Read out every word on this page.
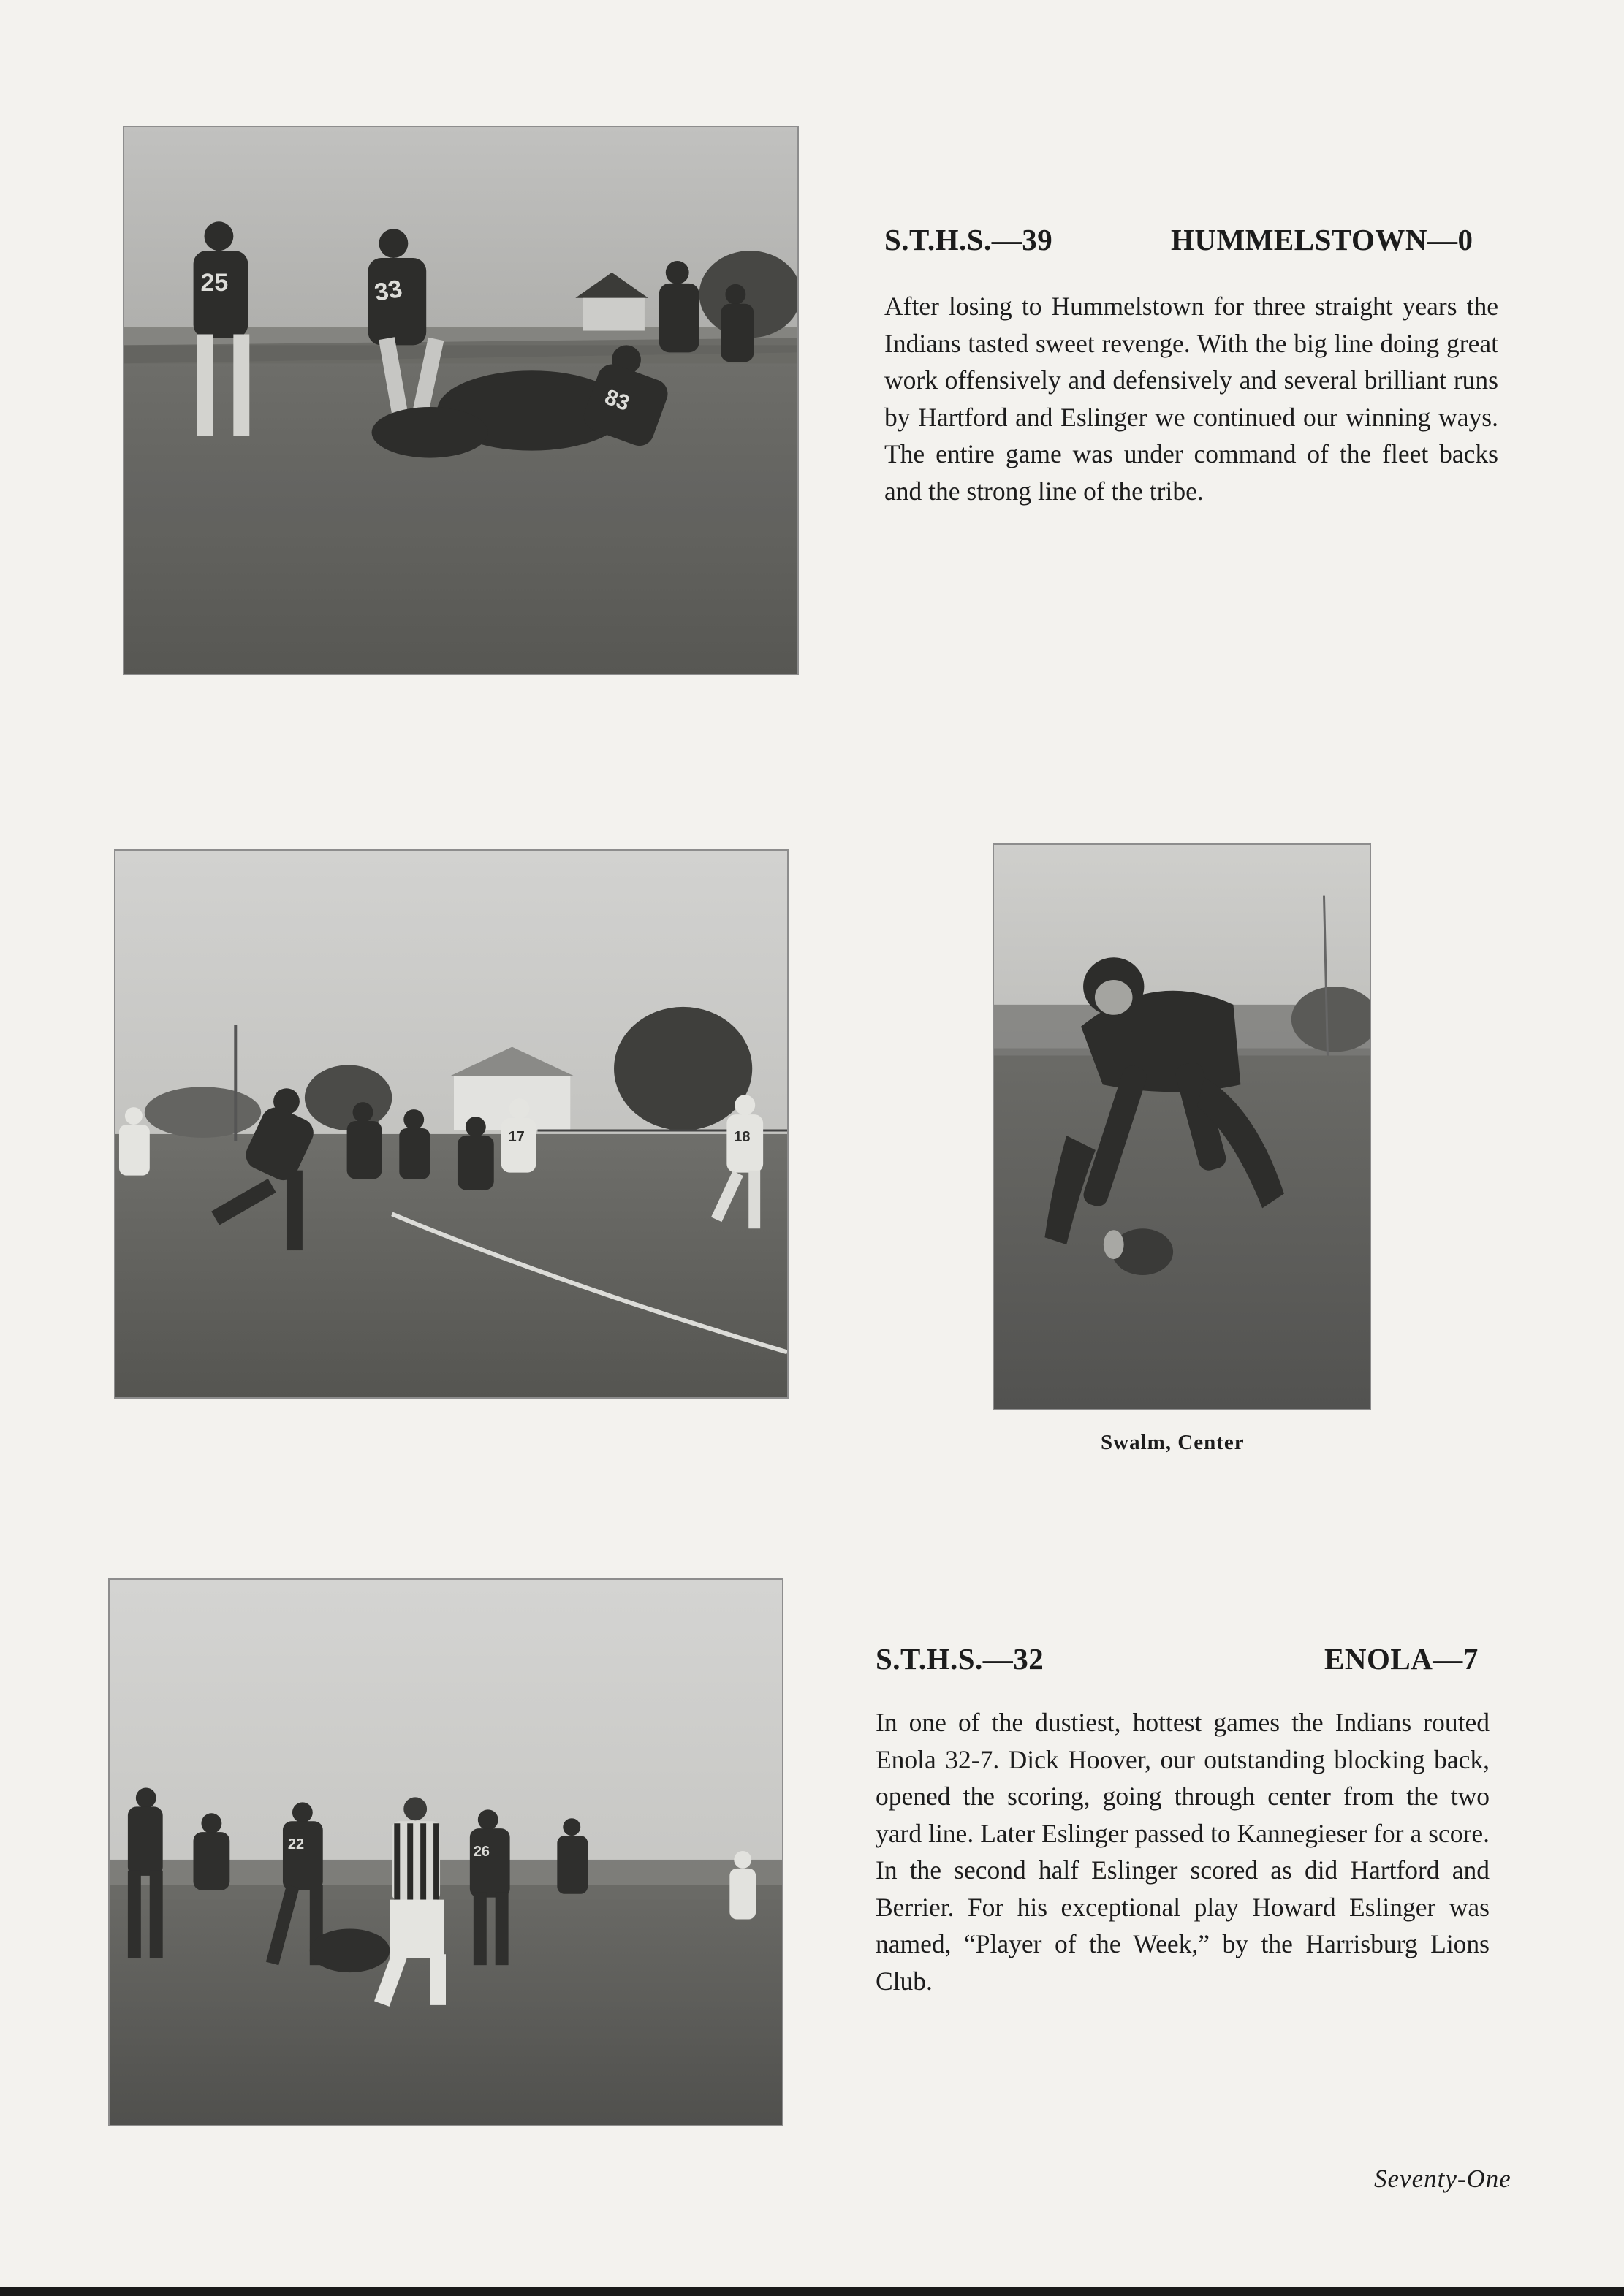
25	33
83
18
17
22	26
S.T.H.S.—39	HUMMELSTOWN—0
After losing to Hummelstown for three straight years the Indians tasted sweet revenge. With the big line doing great work offensively and defensively and several brilliant runs by Hartford and Eslinger we continued our winning ways. The entire game was under command of the fleet backs and the strong line of the tribe.
Swalm, Center
S.T.H.S.—32	ENOLA—7
In one of the dustiest, hottest games the Indians routed Enola 32-7. Dick Hoover, our outstanding blocking back, opened the scoring, going through center from the two yard line. Later Eslinger passed to Kannegieser for a score. In the second half Eslinger scored as did Hartford and Berrier. For his exceptional play Howard Eslinger was named, “Player of the Week,” by the Harrisburg Lions Club.
Seventy-One
